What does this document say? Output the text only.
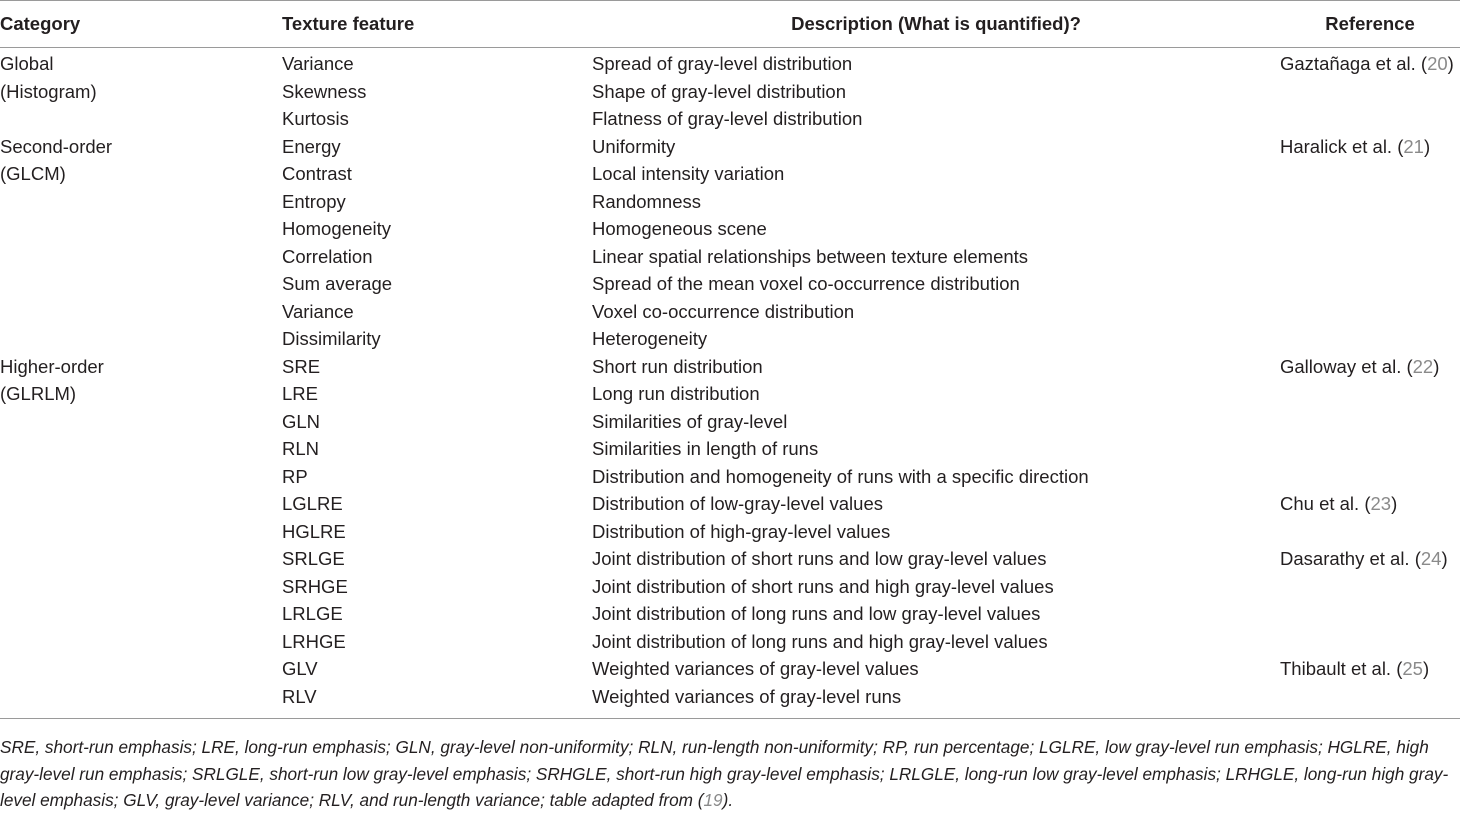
Category	Texture feature	Description (What is quantified)?	Reference
Global	Variance	Spread of gray-level distribution	Gaztañaga et al. (20)
(Histogram)	Skewness	Shape of gray-level distribution	
	Kurtosis	Flatness of gray-level distribution	
Second-order	Energy	Uniformity	Haralick et al. (21)
(GLCM)	Contrast	Local intensity variation	
	Entropy	Randomness	
	Homogeneity	Homogeneous scene	
	Correlation	Linear spatial relationships between texture elements	
	Sum average	Spread of the mean voxel co-occurrence distribution	
	Variance	Voxel co-occurrence distribution	
	Dissimilarity	Heterogeneity	
Higher-order	SRE	Short run distribution	Galloway et al. (22)
(GLRLM)	LRE	Long run distribution	
	GLN	Similarities of gray-level	
	RLN	Similarities in length of runs	
	RP	Distribution and homogeneity of runs with a specific direction	
	LGLRE	Distribution of low-gray-level values	Chu et al. (23)
	HGLRE	Distribution of high-gray-level values	
	SRLGE	Joint distribution of short runs and low gray-level values	Dasarathy et al. (24)
	SRHGE	Joint distribution of short runs and high gray-level values	
	LRLGE	Joint distribution of long runs and low gray-level values	
	LRHGE	Joint distribution of long runs and high gray-level values	
	GLV	Weighted variances of gray-level values	Thibault et al. (25)
	RLV	Weighted variances of gray-level runs	
SRE, short-run emphasis; LRE, long-run emphasis; GLN, gray-level non-uniformity; RLN, run-length non-uniformity; RP, run percentage; LGLRE, low gray-level run emphasis; HGLRE, high gray-level run emphasis; SRLGLE, short-run low gray-level emphasis; SRHGLE, short-run high gray-level emphasis; LRLGLE, long-run low gray-level emphasis; LRHGLE, long-run high gray-level emphasis; GLV, gray-level variance; RLV, and run-length variance; table adapted from (19).
